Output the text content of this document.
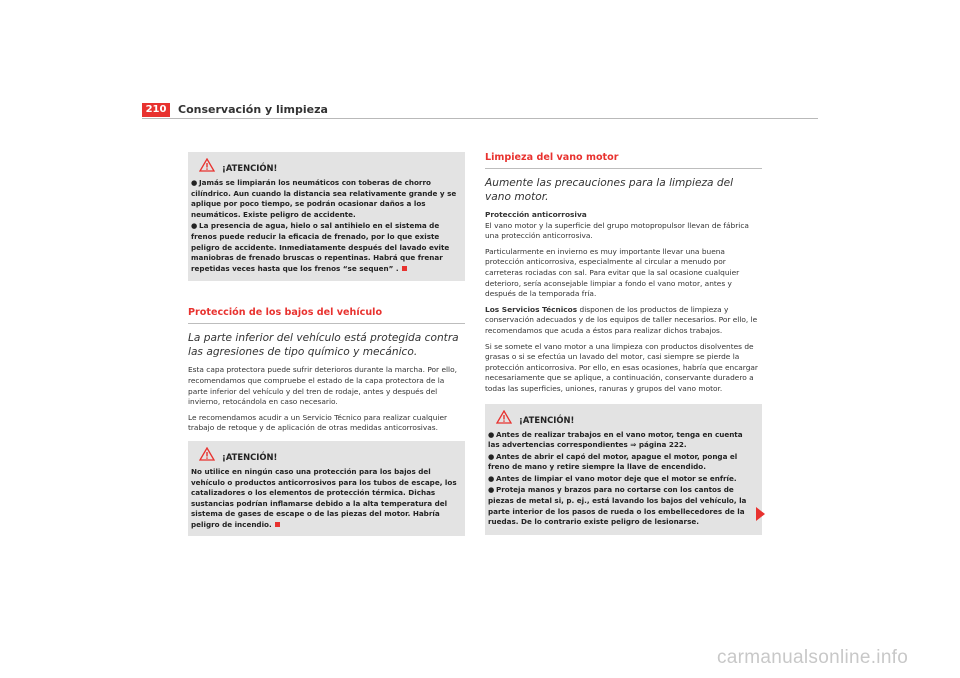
210	Conservación y limpieza
¡ATENCIÓN!

● Jamás se limpiarán los neumáticos con toberas de chorro cilíndrico. Aun cuando la distancia sea relativamente grande y se aplique por poco tiempo, se podrán ocasionar daños a los neumáticos. Existe peligro de accidente.

● La presencia de agua, hielo o sal antihielo en el sistema de frenos puede reducir la eficacia de frenado, por lo que existe peligro de accidente. Inmediatamente después del lavado evite maniobras de frenado bruscas o repentinas. Habrá que frenar repetidas veces hasta que los frenos “se sequen” .

Protección de los bajos del vehículo

La parte inferior del vehículo está protegida contra las agresiones de tipo químico y mecánico.

Esta capa protectora puede sufrir deterioros durante la marcha. Por ello, recomendamos que compruebe el estado de la capa protectora de la parte inferior del vehículo y del tren de rodaje, antes y después del invierno, retocándola en caso necesario.

Le recomendamos acudir a un Servicio Técnico para realizar cualquier trabajo de retoque y de aplicación de otras medidas anticorrosivas.

¡ATENCIÓN!

No utilice en ningún caso una protección para los bajos del vehículo o productos anticorrosivos para los tubos de escape, los catalizadores o los elementos de protección térmica. Dichas sustancias podrían inflamarse debido a la alta temperatura del sistema de gases de escape o de las piezas del motor. Habría peligro de incendio.

Limpieza del vano motor

Aumente las precauciones para la limpieza del vano motor.

Protección anticorrosiva

El vano motor y la superficie del grupo motopropulsor llevan de fábrica una protección anticorrosiva.

Particularmente en invierno es muy importante llevar una buena protección anticorrosiva, especialmente al circular a menudo por carreteras rociadas con sal. Para evitar que la sal ocasione cualquier deterioro, sería aconsejable limpiar a fondo el vano motor, antes y después de la temporada fría.

Los Servicios Técnicos disponen de los productos de limpieza y conservación adecuados y de los equipos de taller necesarios. Por ello, le recomendamos que acuda a éstos para realizar dichos trabajos.

Si se somete el vano motor a una limpieza con productos disolventes de grasas o si se efectúa un lavado del motor, casi siempre se pierde la protección anticorrosiva. Por ello, en esas ocasiones, habría que encargar necesariamente que se aplique, a continuación, conservante duradero a todas las superficies, uniones, ranuras y grupos del vano motor.

¡ATENCIÓN!

● Antes de realizar trabajos en el vano motor, tenga en cuenta las advertencias correspondientes ⇒ página 222.

● Antes de abrir el capó del motor, apague el motor, ponga el freno de mano y retire siempre la llave de encendido.

● Antes de limpiar el vano motor deje que el motor se enfríe.

● Proteja manos y brazos para no cortarse con los cantos de piezas de metal si, p. ej., está lavando los bajos del vehículo, la parte interior de los pasos de rueda o los embellecedores de la ruedas. De lo contrario existe peligro de lesionarse.

carmanualsonline.info
